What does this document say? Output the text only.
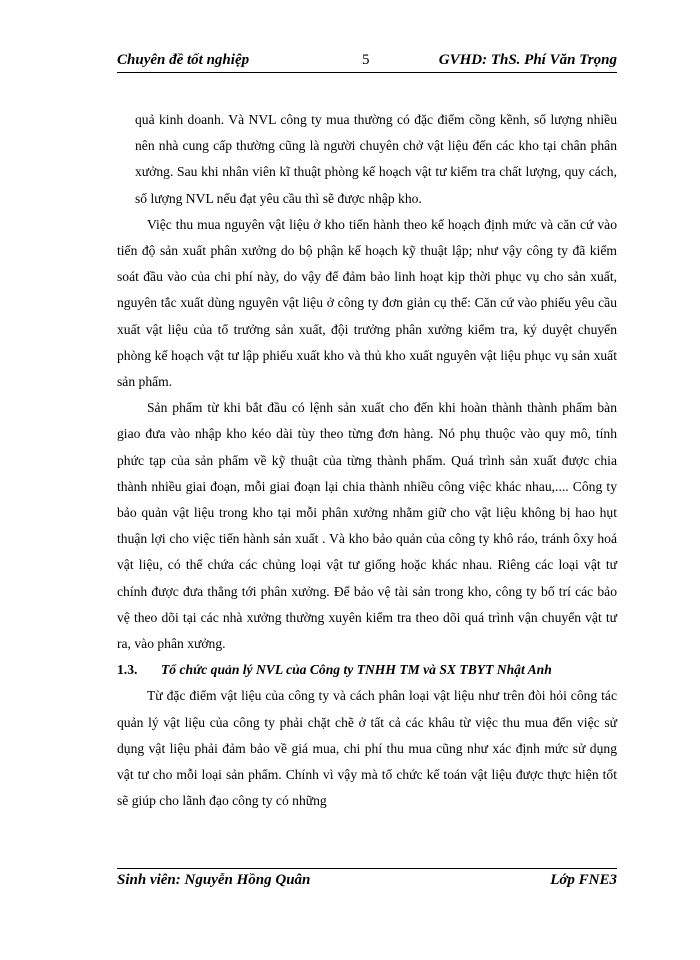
Chuyên đề tốt nghiệp	5	GVHD: ThS. Phí Văn Trọng

quả kinh doanh. Và NVL công ty mua thường có đặc điểm cồng kềnh, số lượng nhiều nên nhà cung cấp thường cũng là người chuyên chở vật liệu đến các kho tại chân phân xưởng. Sau khi nhân viên kĩ thuật phòng kế hoạch vật tư kiểm tra chất lượng, quy cách, số lượng NVL nếu đạt yêu cầu thì sẽ được nhập kho.

Việc thu mua nguyên vật liệu ở kho tiến hành theo kế hoạch định mức và căn cứ vào tiến độ sản xuất phân xưởng do bộ phận kế hoạch kỹ thuật lập; như vậy công ty đã kiểm soát đầu vào của chi phí này, do vậy để đảm bảo linh hoạt kịp thời phục vụ cho sản xuất, nguyên tắc xuất dùng nguyên vật liệu ở công ty đơn giản cụ thể: Căn cứ vào phiếu yêu cầu xuất vật liệu của tổ trưởng sản xuất, đội trưởng phân xưởng kiểm tra, ký duyệt chuyển phòng kế hoạch vật tư lập phiếu xuất kho và thủ kho xuất nguyên vật liệu phục vụ sản xuất sản phẩm.

Sản phẩm từ khi bắt đầu có lệnh sản xuất cho đến khi hoàn thành thành phẩm bàn giao đưa vào nhập kho kéo dài tùy theo từng đơn hàng. Nó phụ thuộc vào quy mô, tính phức tạp của sản phẩm về kỹ thuật của từng thành phẩm. Quá trình sản xuất được chia thành nhiều giai đoạn, mỗi giai đoạn lại chia thành nhiều công việc khác nhau,.... Công ty bảo quản vật liệu trong kho tại mỗi phân xưởng nhằm giữ cho vật liệu không bị hao hụt thuận lợi cho việc tiến hành sản xuất . Và kho bảo quản của công ty khô ráo, tránh ôxy hoá vật liệu, có thể chứa các chủng loại vật tư giống hoặc khác nhau. Riêng các loại vật tư chính được đưa thẳng tới phân xưởng. Để bảo vệ tài sản trong kho, công ty bố trí các bảo vệ theo dõi tại các nhà xưởng thường xuyên kiểm tra theo dõi quá trình vận chuyển vật tư ra, vào phân xưởng.

1.3.	Tổ chức quản lý NVL của Công ty TNHH TM và SX TBYT Nhật Anh

Từ đặc điểm vật liệu của công ty và cách phân loại vật liệu như trên đòi hỏi công tác quản lý vật liệu của công ty phải chặt chẽ ở tất cả các khâu từ việc thu mua đến việc sử dụng vật liệu phải đảm bảo về giá mua, chi phí thu mua cũng như xác định mức sử dụng vật tư cho mỗi loại sản phẩm. Chính vì vậy mà tổ chức kế toán vật liệu được thực hiện tốt sẽ giúp cho lãnh đạo công ty có những

Sinh viên: Nguyễn Hồng Quân	Lớp FNE3
